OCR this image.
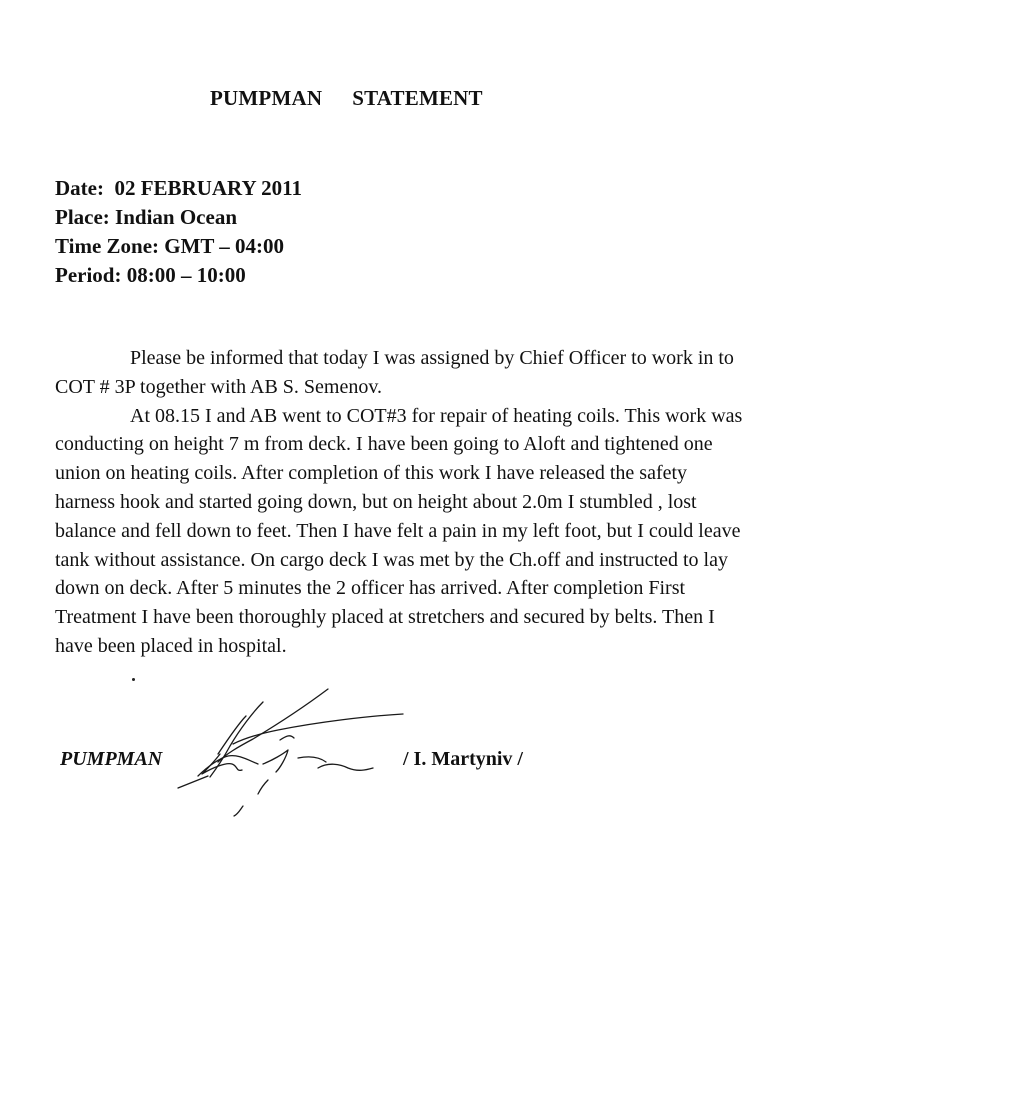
PUMPMAN STATEMENT
Date:  02 FEBRUARY 2011
Place: Indian Ocean
Time Zone: GMT – 04:00
Period: 08:00 – 10:00
Please be informed that today I was assigned by Chief Officer to work in to
COT # 3P together with AB S. Semenov.
At 08.15 I and AB went to COT#3 for repair of heating coils. This work was
conducting on height 7 m from deck. I have been going to Aloft and tightened one
union on heating coils. After completion of this work I have released the safety
harness hook and started going down, but on height about 2.0m I stumbled , lost
balance and fell down to feet. Then I have felt a pain in my left foot, but I could leave
tank without assistance. On cargo deck I was met by the Ch.off and instructed to lay
down on deck. After 5 minutes the 2 officer has arrived. After completion First
Treatment I have been thoroughly placed at stretchers and secured by belts. Then I
have been placed in hospital.
PUMPMAN	/ I. Martyniv /
